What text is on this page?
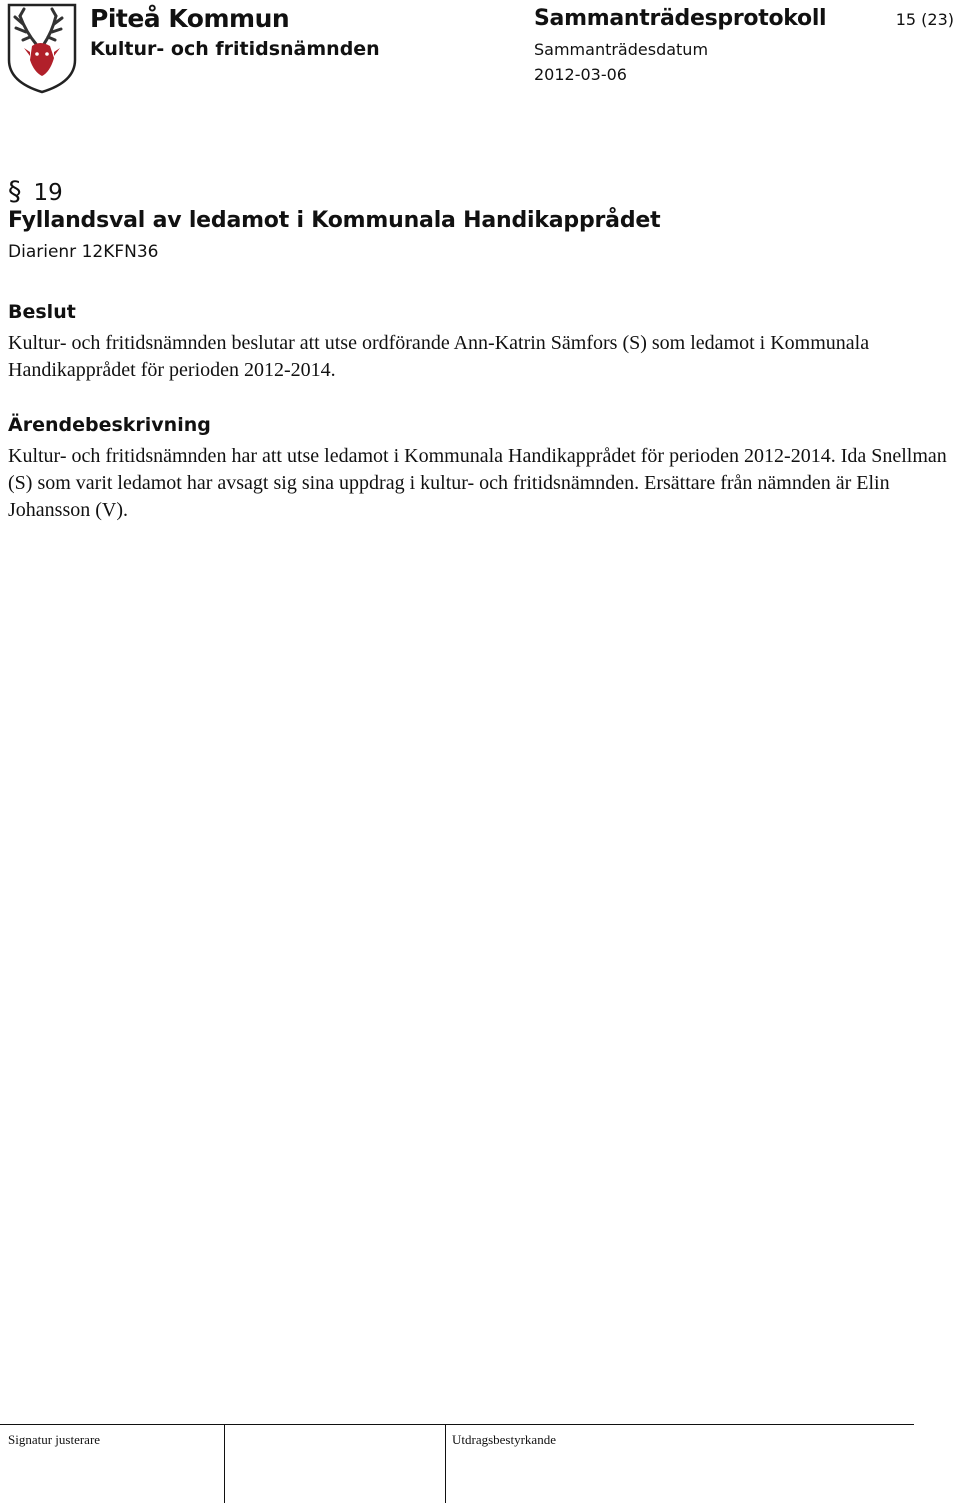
Piteå Kommun
Kultur- och fritidsnämnden
Sammanträdesprotokoll
Sammanträdesdatum
2012-03-06
15 (23)
§ 19
Fyllandsval av ledamot i Kommunala Handikapprådet
Diarienr 12KFN36
Beslut

Kultur- och fritidsnämnden beslutar att utse ordförande Ann-Katrin Sämfors (S) som ledamot i Kommunala Handikapprådet för perioden 2012-2014.

Ärendebeskrivning

Kultur- och fritidsnämnden har att utse ledamot i Kommunala Handikapprådet för perioden 2012-2014. Ida Snellman (S) som varit ledamot har avsagt sig sina uppdrag i kultur- och fritidsnämnden. Ersättare från nämnden är Elin Johansson (V).

Signatur justerare	Utdragsbestyrkande
